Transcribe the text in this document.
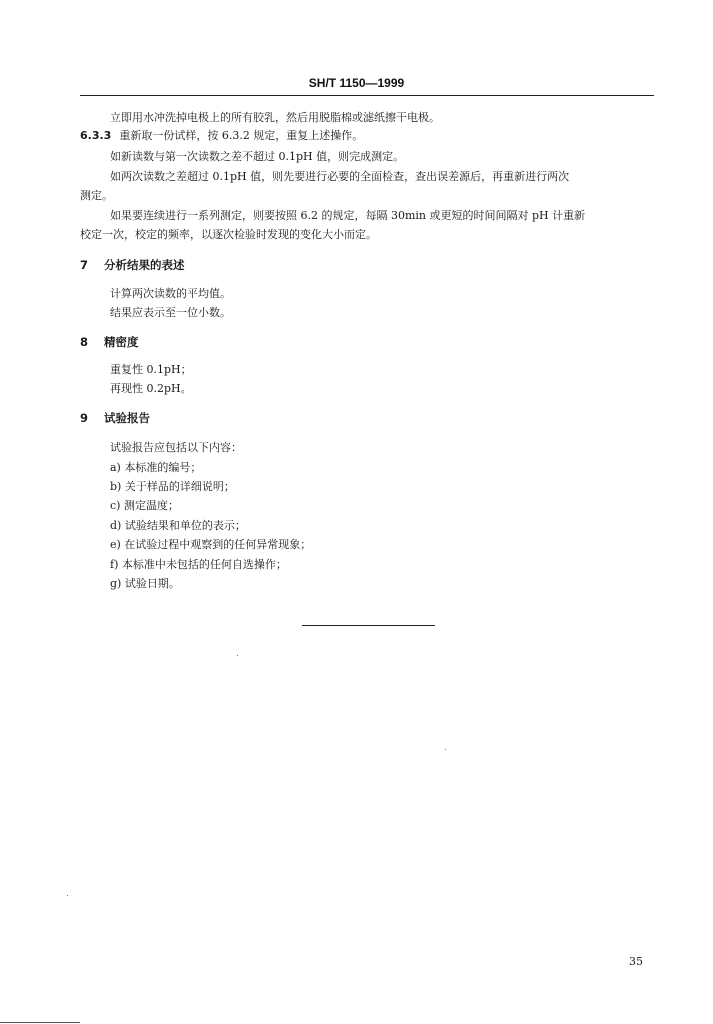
SH/T 1150—1999
立即用水冲洗掉电极上的所有胶乳，然后用脱脂棉或滤纸擦干电极。
6.3.3 重新取一份试样，按 6.3.2 规定，重复上述操作。
如新读数与第一次读数之差不超过 0.1pH 值，则完成测定。
如两次读数之差超过 0.1pH 值，则先要进行必要的全面检查，查出误差源后，再重新进行两次
测定。
如果要连续进行一系列测定，则要按照 6.2 的规定，每隔 30min 或更短的时间间隔对 pH 计重新
校定一次，校定的频率，以逐次检验时发现的变化大小而定。
7 分析结果的表述
计算两次读数的平均值。
结果应表示至一位小数。
8 精密度
重复性 0.1pH；
再现性 0.2pH。
9 试验报告
试验报告应包括以下内容：
a) 本标准的编号；
b) 关于样品的详细说明；
c) 测定温度；
d) 试验结果和单位的表示；
e) 在试验过程中观察到的任何异常现象；
f) 本标准中未包括的任何自选操作；
g) 试验日期。
35
